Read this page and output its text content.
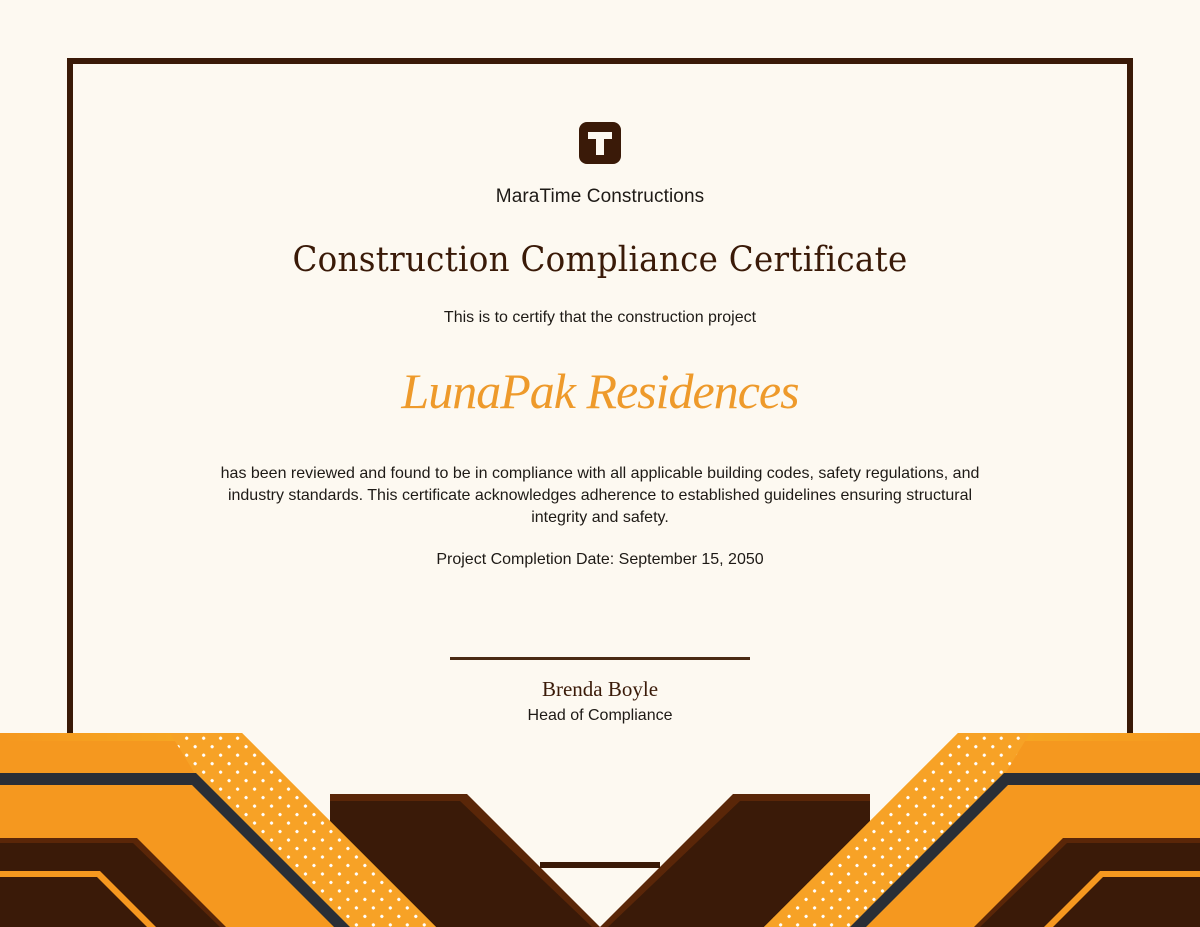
MaraTime Constructions
Construction Compliance Certificate
This is to certify that the construction project
LunaPak Residences
has been reviewed and found to be in compliance with all applicable building codes, safety regulations, and industry standards. This certificate acknowledges adherence to established guidelines ensuring structural integrity and safety.
Project Completion Date: September 15, 2050
Brenda Boyle
Head of Compliance
